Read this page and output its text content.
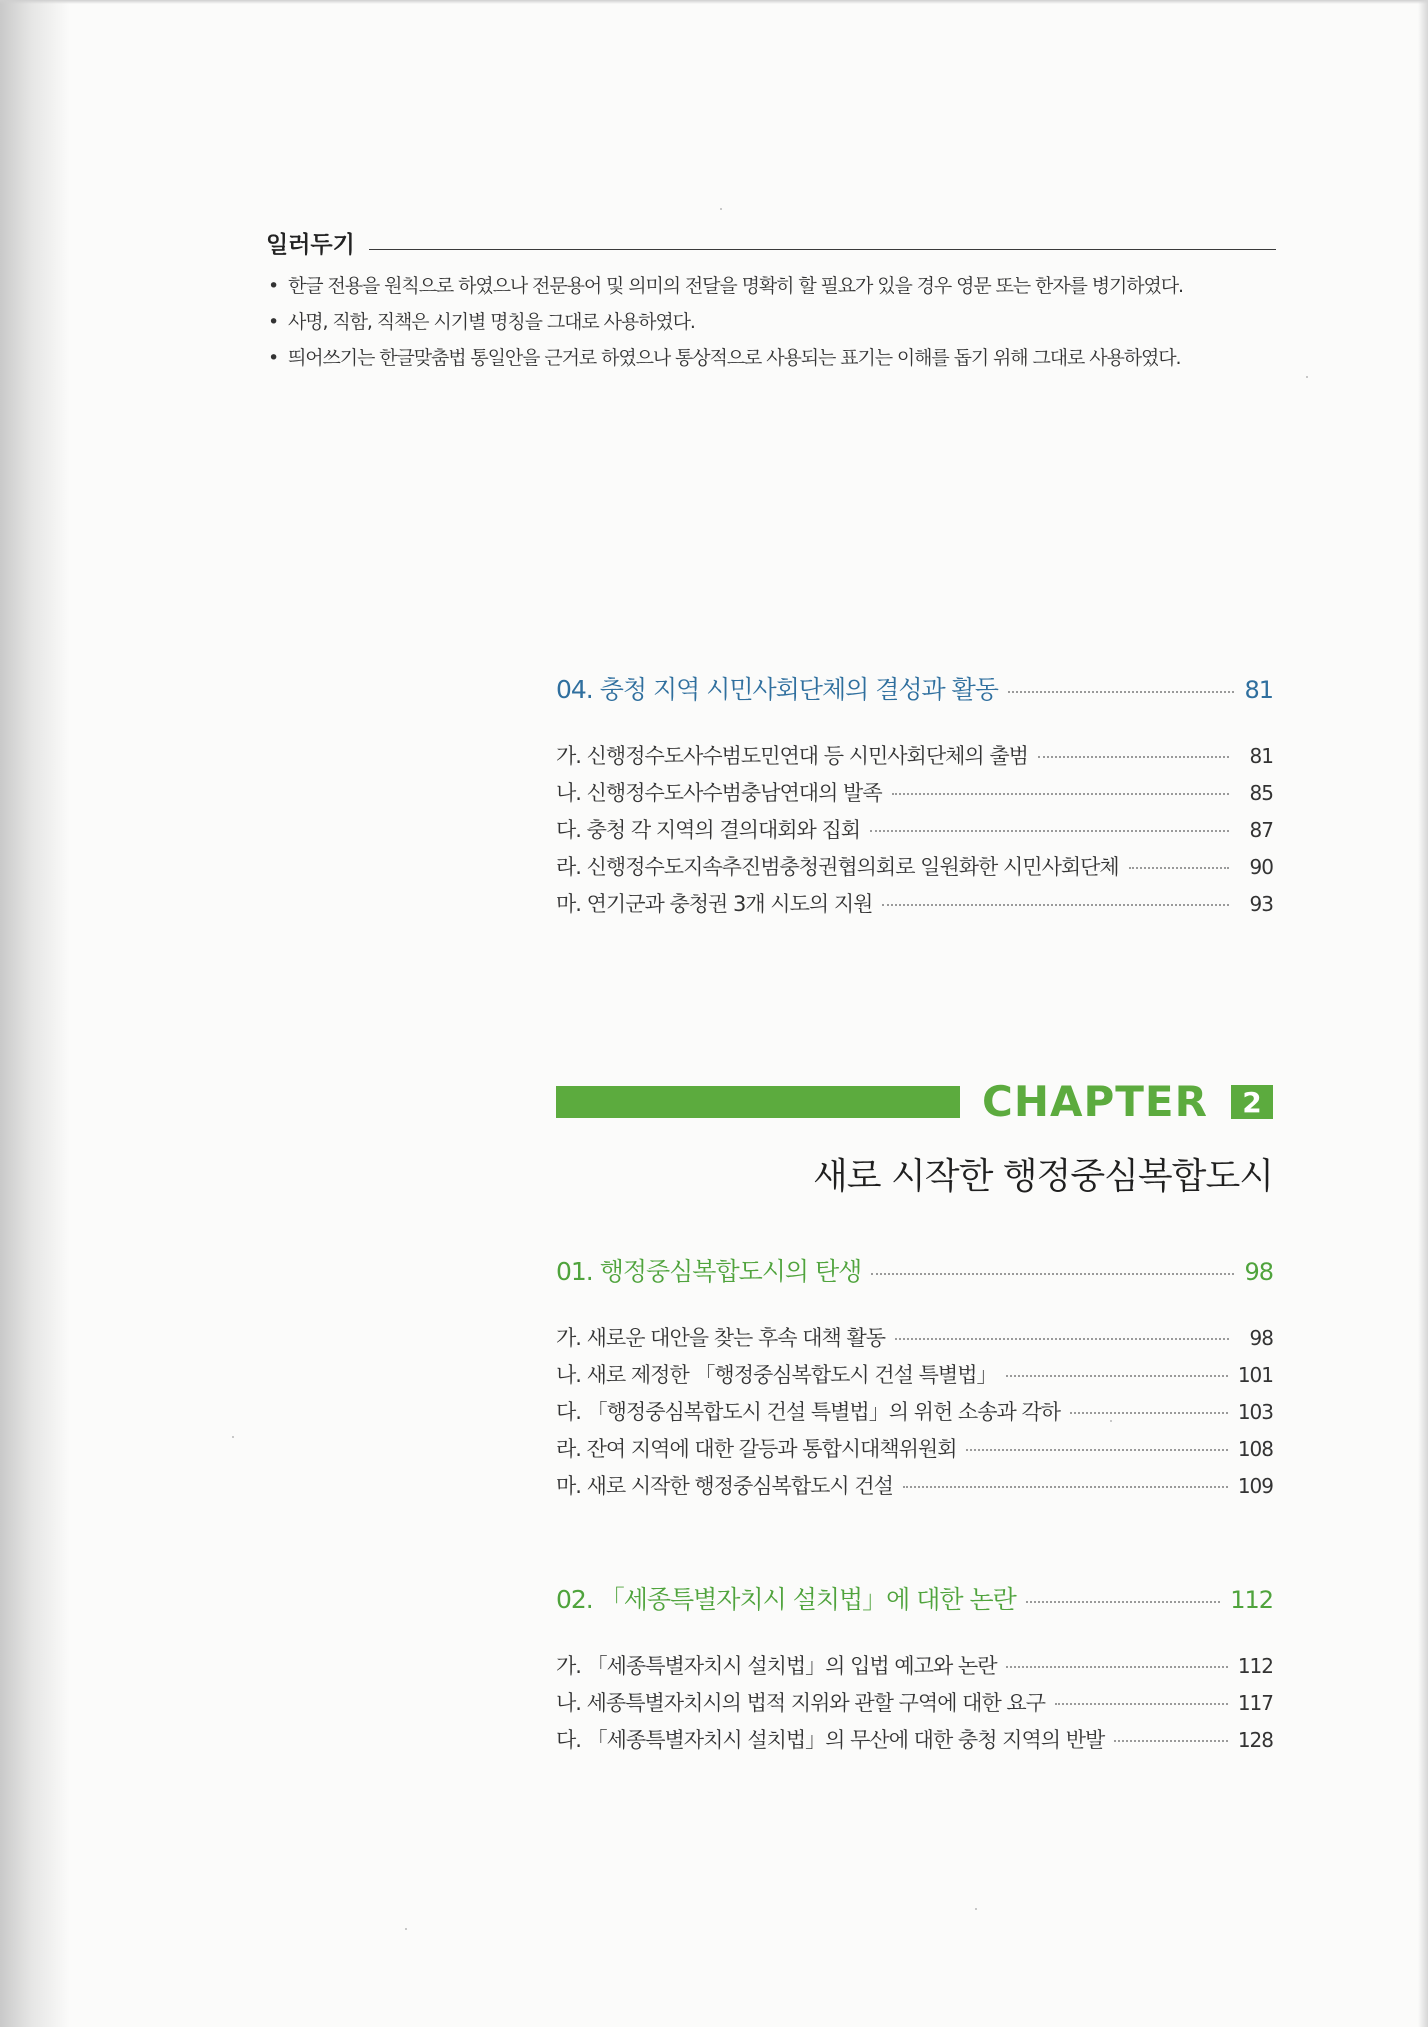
일러두기
• 한글 전용을 원칙으로 하였으나 전문용어 및 의미의 전달을 명확히 할 필요가 있을 경우 영문 또는 한자를 병기하였다.
• 사명, 직함, 직책은 시기별 명칭을 그대로 사용하였다.
• 띄어쓰기는 한글맞춤법 통일안을 근거로 하였으나 통상적으로 사용되는 표기는 이해를 돕기 위해 그대로 사용하였다.
04. 충청 지역 시민사회단체의 결성과 활동	81
가. 신행정수도사수범도민연대 등 시민사회단체의 출범	81
나. 신행정수도사수범충남연대의 발족	85
다. 충청 각 지역의 결의대회와 집회	87
라. 신행정수도지속추진범충청권협의회로 일원화한 시민사회단체	90
마. 연기군과 충청권 3개 시도의 지원	93
CHAPTER	2
새로 시작한 행정중심복합도시
01. 행정중심복합도시의 탄생	98
가. 새로운 대안을 찾는 후속 대책 활동	98
나. 새로 제정한 「행정중심복합도시 건설 특별법」	101
다. 「행정중심복합도시 건설 특별법」의 위헌 소송과 각하	103
라. 잔여 지역에 대한 갈등과 통합시대책위원회	108
마. 새로 시작한 행정중심복합도시 건설	109
02. 「세종특별자치시 설치법」에 대한 논란	112
가. 「세종특별자치시 설치법」의 입법 예고와 논란	112
나. 세종특별자치시의 법적 지위와 관할 구역에 대한 요구	117
다. 「세종특별자치시 설치법」의 무산에 대한 충청 지역의 반발	128
